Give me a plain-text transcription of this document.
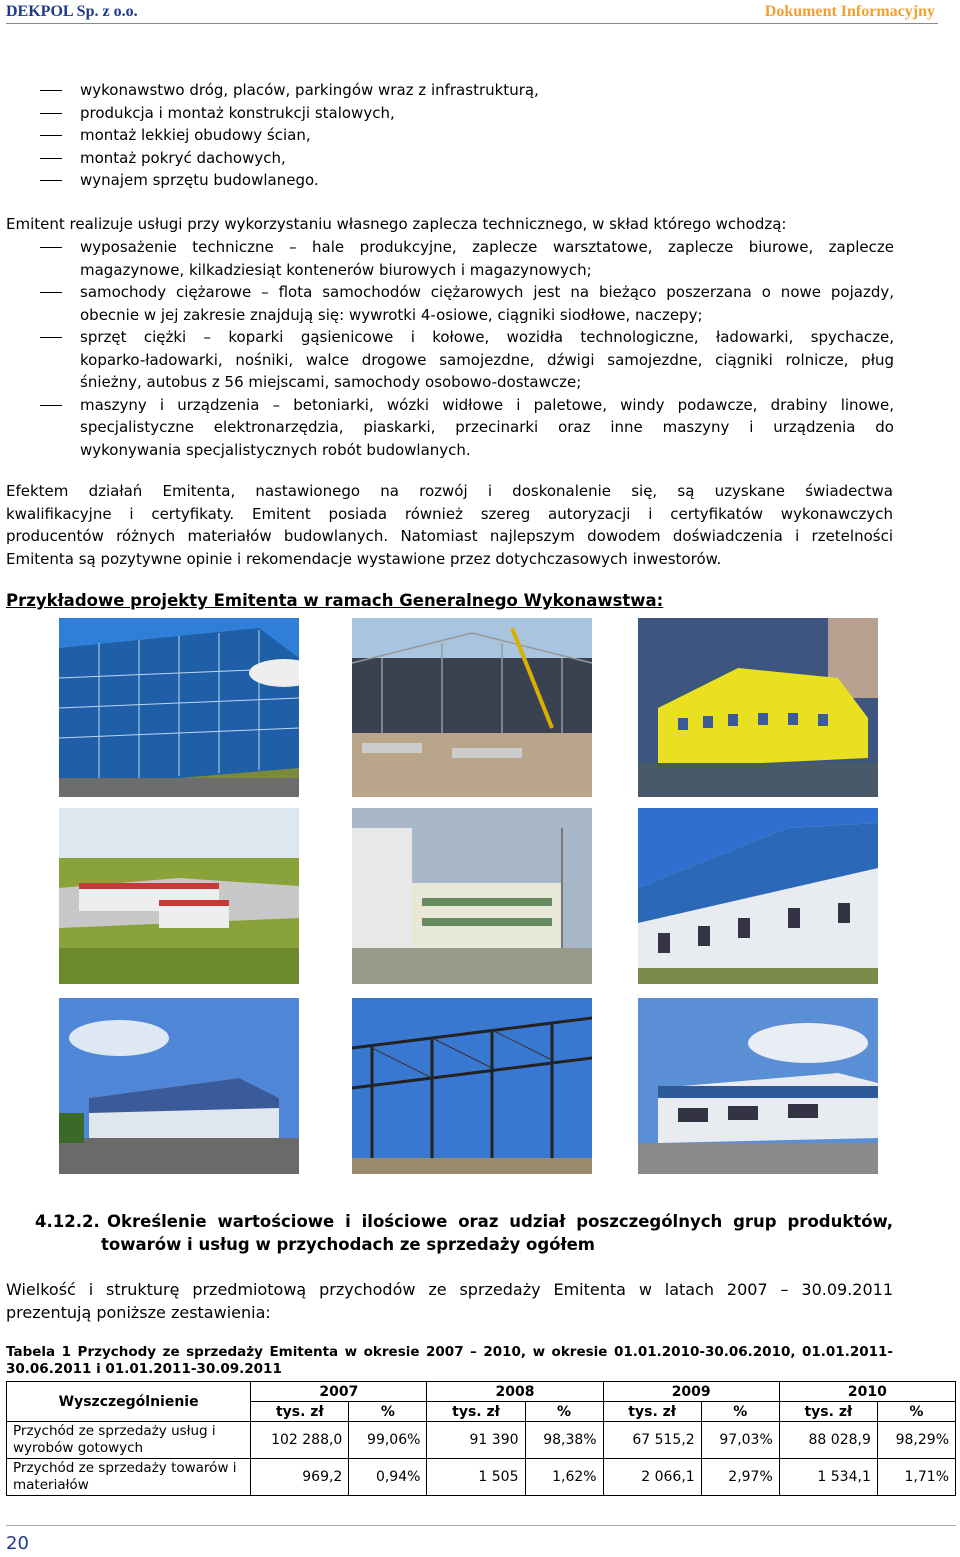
DEKPOL Sp. z o.o.	Dokument Informacyjny
wykonawstwo dróg, placów, parkingów wraz z infrastrukturą,
produkcja i montaż konstrukcji stalowych,
montaż lekkiej obudowy ścian,
montaż pokryć dachowych,
wynajem sprzętu budowlanego.
Emitent realizuje usługi przy wykorzystaniu własnego zaplecza technicznego, w skład którego wchodzą:
wyposażenie techniczne – hale produkcyjne, zaplecze warsztatowe, zaplecze biurowe, zaplecze
magazynowe, kilkadziesiąt kontenerów biurowych i magazynowych;
samochody ciężarowe – flota samochodów ciężarowych jest na bieżąco poszerzana o nowe pojazdy,
obecnie w jej zakresie znajdują się: wywrotki 4-osiowe, ciągniki siodłowe, naczepy;
sprzęt ciężki – koparki gąsienicowe i kołowe, wozidła technologiczne, ładowarki, spychacze,
koparko-ładowarki, nośniki, walce drogowe samojezdne, dźwigi samojezdne, ciągniki rolnicze, pług
śnieżny, autobus z 56 miejscami, samochody osobowo-dostawcze;
maszyny i urządzenia – betoniarki, wózki widłowe i paletowe, windy podawcze, drabiny linowe,
specjalistyczne elektronarzędzia, piaskarki, przecinarki oraz inne maszyny i urządzenia do
wykonywania specjalistycznych robót budowlanych.
Efektem działań Emitenta, nastawionego na rozwój i doskonalenie się, są uzyskane świadectwa
kwalifikacyjne i certyfikaty. Emitent posiada również szereg autoryzacji i certyfikatów wykonawczych
producentów różnych materiałów budowlanych. Natomiast najlepszym dowodem doświadczenia i rzetelności
Emitenta są pozytywne opinie i rekomendacje wystawione przez dotychczasowych inwestorów.
Przykładowe projekty Emitenta w ramach Generalnego Wykonawstwa:
4.12.2. Określenie wartościowe i ilościowe oraz udział poszczególnych grup produktów,
towarów i usług w przychodach ze sprzedaży ogółem
Wielkość i strukturę przedmiotową przychodów ze sprzedaży Emitenta w latach 2007 – 30.09.2011
prezentują poniższe zestawienia:
Tabela 1 Przychody ze sprzedaży Emitenta w okresie 2007 – 2010, w okresie 01.01.2010-30.06.2010, 01.01.2011-
30.06.2011 i 01.01.2011-30.09.2011
Wyszczególnienie	2007		2008		2009		2010	
	tys. zł	%	tys. zł	%	tys. zł	%	tys. zł	%
Przychód ze sprzedaży usług i wyrobów gotowych	102 288,0	99,06%	91 390	98,38%	67 515,2	97,03%	88 028,9	98,29%
Przychód ze sprzedaży towarów i materiałów	969,2	0,94%	1 505	1,62%	2 066,1	2,97%	1 534,1	1,71%
20
